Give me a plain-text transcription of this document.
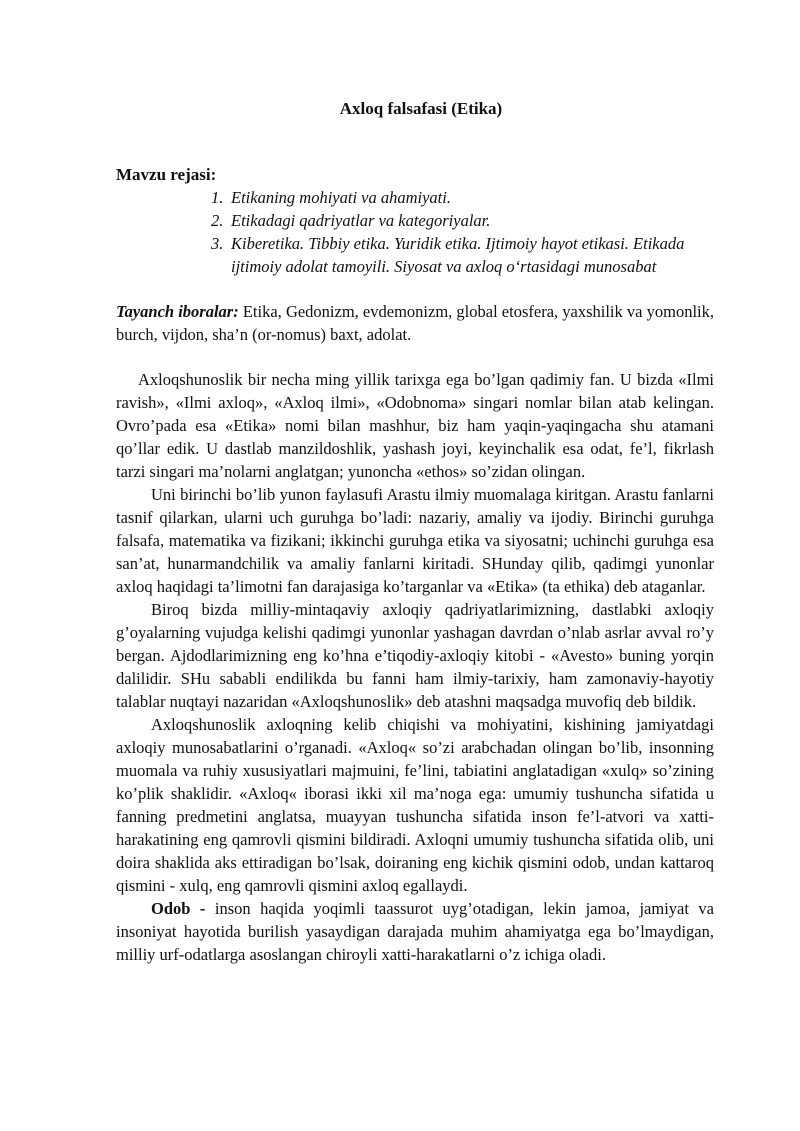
Axloq falsafasi (Etika)
Mavzu rejasi:
1. Etikaning mohiyati va ahamiyati.
2. Etikadagi qadriyatlar va kategoriyalar.
3. Kiberetika. Tibbiy etika. Yuridik etika. Ijtimoiy hayot etikasi. Etikada ijtimoiy adolat tamoyili. Siyosat va axloq oʻrtasidagi munosabat

Tayanch iboralar: Etika, Gedonizm, evdemonizm, global etosfera, yaxshilik va yomonlik, burch, vijdon, sha’n (or-nomus) baxt, adolat.

Axloqshunoslik bir necha ming yillik tarixga ega bo’lgan qadimiy fan. U bizda «Ilmi ravish», «Ilmi axloq», «Axloq ilmi», «Odobnoma» singari nomlar bilan atab kelingan. Ovro’pada esa «Etika» nomi bilan mashhur, biz ham yaqin-yaqingacha shu atamani qo’llar edik. U dastlab manzildoshlik, yashash joyi, keyinchalik esa odat, fe’l, fikrlash tarzi singari ma’nolarni anglatgan; yunoncha «ethos» so’zidan olingan.

Uni birinchi bo’lib yunon faylasufi Arastu ilmiy muomalaga kiritgan. Arastu fanlarni tasnif qilarkan, ularni uch guruhga bo’ladi: nazariy, amaliy va ijodiy. Birinchi guruhga falsafa, matematika va fizikani; ikkinchi guruhga etika va siyosatni; uchinchi guruhga esa san’at, hunarmandchilik va amaliy fanlarni kiritadi. SHunday qilib, qadimgi yunonlar axloq haqidagi ta’limotni fan darajasiga ko’targanlar va «Etika» (ta ethika) deb ataganlar.

Biroq bizda milliy-mintaqaviy axloqiy qadriyatlarimizning, dastlabki axloqiy g’oyalarning vujudga kelishi qadimgi yunonlar yashagan davrdan o’nlab asrlar avval ro’y bergan. Ajdodlarimizning eng ko’hna e’tiqodiy-axloqiy kitobi - «Avesto» buning yorqin dalilidir. SHu sababli endilikda bu fanni ham ilmiy-tarixiy, ham zamonaviy-hayotiy talablar nuqtayi nazaridan «Axloqshunoslik» deb atashni maqsadga muvofiq deb bildik.

Axloqshunoslik axloqning kelib chiqishi va mohiyatini, kishining jamiyatdagi axloqiy munosabatlarini o’rganadi. «Axloq« so’zi arabchadan olingan bo’lib, insonning muomala va ruhiy xususiyatlari majmuini, fe’lini, tabiatini anglatadigan «xulq» so’zining ko’plik shaklidir. «Axloq« iborasi ikki xil ma’noga ega: umumiy tushuncha sifatida u fanning predmetini anglatsa, muayyan tushuncha sifatida inson fe’l-atvori va xatti-harakatining eng qamrovli qismini bildiradi. Axloqni umumiy tushuncha sifatida olib, uni doira shaklida aks ettiradigan bo’lsak, doiraning eng kichik qismini odob, undan kattaroq qismini - xulq, eng qamrovli qismini axloq egallaydi.

Odob - inson haqida yoqimli taassurot uyg’otadigan, lekin jamoa, jamiyat va insoniyat hayotida burilish yasaydigan darajada muhim ahamiyatga ega bo’lmaydigan, milliy urf-odatlarga asoslangan chiroyli xatti-harakatlarni o’z ichiga oladi.
